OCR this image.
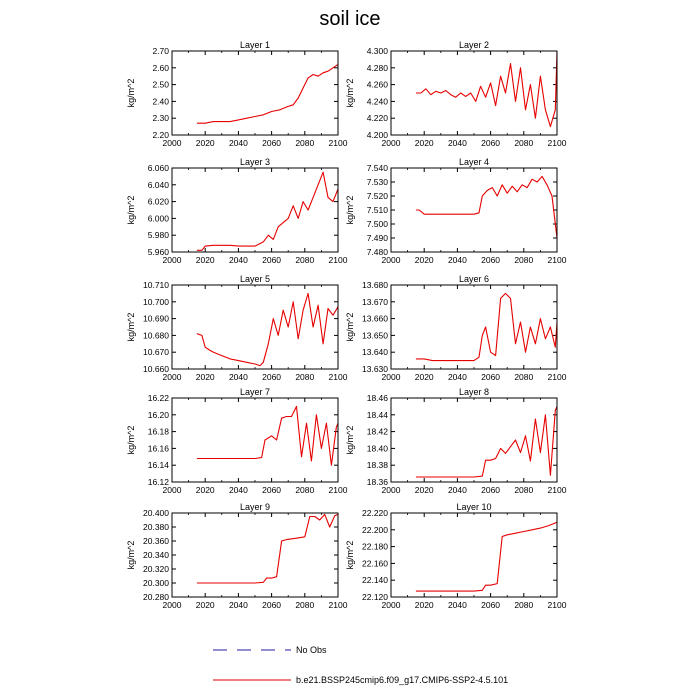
soil ice
Layer 1
kg/m^2
2000 2020 2040 2060 2080 2100
2.20
2.30
2.40
2.50
2.60
2.70
Layer 2
kg/m^2
2000 2020 2040 2060 2080 2100
4.200
4.220
4.240
4.260
4.280
4.300
Layer 3
kg/m^2
2000 2020 2040 2060 2080 2100
5.960
5.980
6.000
6.020
6.040
6.060
Layer 4
kg/m^2
2000 2020 2040 2060 2080 2100
7.480
7.490
7.500
7.510
7.520
7.530
7.540
Layer 5
kg/m^2
2000 2020 2040 2060 2080 2100
10.660
10.670
10.680
10.690
10.700
10.710
Layer 6
kg/m^2
2000 2020 2040 2060 2080 2100
13.630
13.640
13.650
13.660
13.670
13.680
Layer 7
kg/m^2
2000 2020 2040 2060 2080 2100
16.12
16.14
16.16
16.18
16.20
16.22
Layer 8
kg/m^2
2000 2020 2040 2060 2080 2100
18.36
18.38
18.40
18.42
18.44
18.46
Layer 9
kg/m^2
2000 2020 2040 2060 2080 2100
20.280
20.300
20.320
20.340
20.360
20.380
20.400
Layer 10
kg/m^2
2000 2020 2040 2060 2080 2100
22.120
22.140
22.160
22.180
22.200
22.220
No Obs
b.e21.BSSP245cmip6.f09_g17.CMIP6-SSP2-4.5.101
